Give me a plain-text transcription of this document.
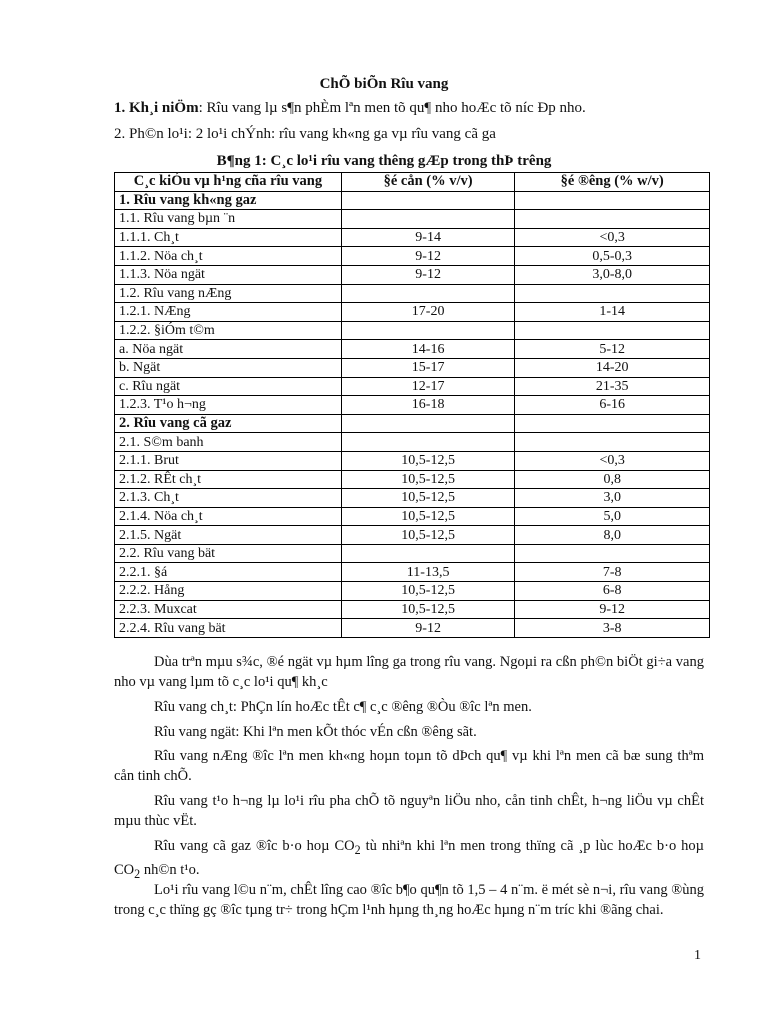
ChÕ biÕn Rîu vang
1. Kh¸i niÖm: Rîu vang lµ s¶n phÈm lªn men tõ qu¶ nho hoÆc tõ níc Ðp nho.
2. Ph©n lo¹i: 2 lo¹i chÝnh: rîu vang kh«ng ga vµ rîu vang cã ga
B¶ng 1: C¸c lo¹i rîu vang thêng gÆp trong thÞ trêng
C¸c kiÓu vµ h¹ng cña rîu vang	§é cån (% v/v)	§é ®êng (% w/v)
1. Rîu vang kh«ng gaz		
1.1. Rîu vang bµn ¨n		
1.1.1. Ch¸t	9-14	<0,3
1.1.2. Nöa ch¸t	9-12	0,5-0,3
1.1.3. Nöa ngät	9-12	3,0-8,0
1.2. Rîu vang nÆng		
1.2.1. NÆng	17-20	1-14
1.2.2. §iÓm t©m		
a. Nöa ngät	14-16	5-12
b. Ngät	15-17	14-20
c. Rîu ngät	12-17	21-35
1.2.3. T¹o h¬ng	16-18	6-16
2. Rîu vang cã gaz		
2.1. S©m banh		
2.1.1. Brut	10,5-12,5	<0,3
2.1.2. RÊt ch¸t	10,5-12,5	0,8
2.1.3. Ch¸t	10,5-12,5	3,0
2.1.4. Nöa ch¸t	10,5-12,5	5,0
2.1.5. Ngät	10,5-12,5	8,0
2.2. Rîu vang bät		
2.2.1. §á	11-13,5	7-8
2.2.2. Hång	10,5-12,5	6-8
2.2.3. Muxcat	10,5-12,5	9-12
2.2.4. Rîu vang bät	9-12	3-8
Dùa trªn mµu s¾c, ®é ngät vµ hµm lîng ga trong rîu vang. Ngoµi ra cßn ph©n biÖt gi÷a vang nho vµ vang lµm tõ c¸c lo¹i qu¶ kh¸c
Rîu vang ch¸t: PhÇn lín hoÆc tÊt c¶ c¸c ®êng ®Òu ®îc lªn men.
Rîu vang ngät: Khi lªn men kÕt thóc vÉn cßn ®êng sãt.
Rîu vang nÆng ®îc lªn men kh«ng hoµn toµn tõ dÞch qu¶ vµ khi lªn men cã bæ sung thªm cån tinh chÕ.
Rîu vang t¹o h¬ng lµ lo¹i rîu pha chÕ tõ nguyªn liÖu nho, cån tinh chÊt, h¬ng liÖu vµ chÊt mµu thùc vËt.
Rîu vang cã gaz ®îc b·o hoµ $CO_2$ tù nhiªn khi lªn men trong thïng cã ¸p lùc hoÆc b·o hoµ $CO_2$ nh©n t¹o.
Lo¹i rîu vang l©u n¨m, chÊt lîng cao ®îc b¶o qu¶n tõ 1,5 – 4 n¨m. ë mét sè n¬i, rîu vang ®ùng trong c¸c thïng gç ®îc tµng tr÷ trong hÇm l¹nh hµng th¸ng hoÆc hµng n¨m tríc khi ®ãng chai.
1
